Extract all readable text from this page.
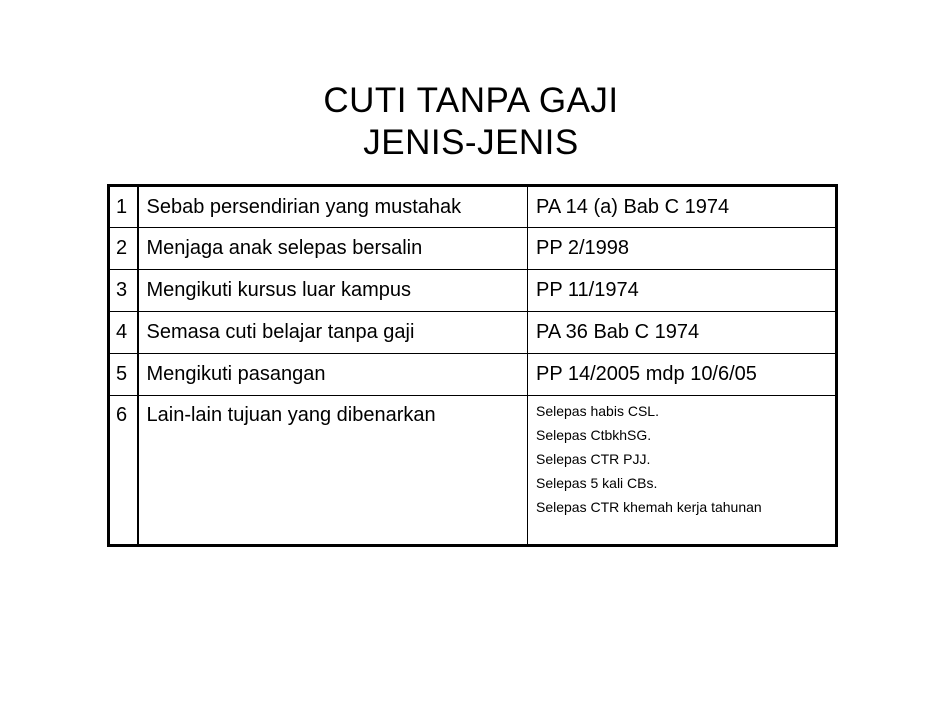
CUTI TANPA GAJI
JENIS-JENIS
1	Sebab persendirian yang mustahak	PA 14 (a) Bab C 1974
2	Menjaga anak selepas bersalin	PP 2/1998
3	Mengikuti kursus luar kampus	PP 11/1974
4	Semasa cuti belajar tanpa gaji	PA 36 Bab C 1974
5	Mengikuti pasangan	PP 14/2005 mdp 10/6/05
6	Lain-lain tujuan yang dibenarkan	Selepas habis CSL.
Selepas CtbkhSG.
Selepas CTR PJJ.
Selepas 5 kali CBs.
Selepas CTR khemah kerja tahunan
